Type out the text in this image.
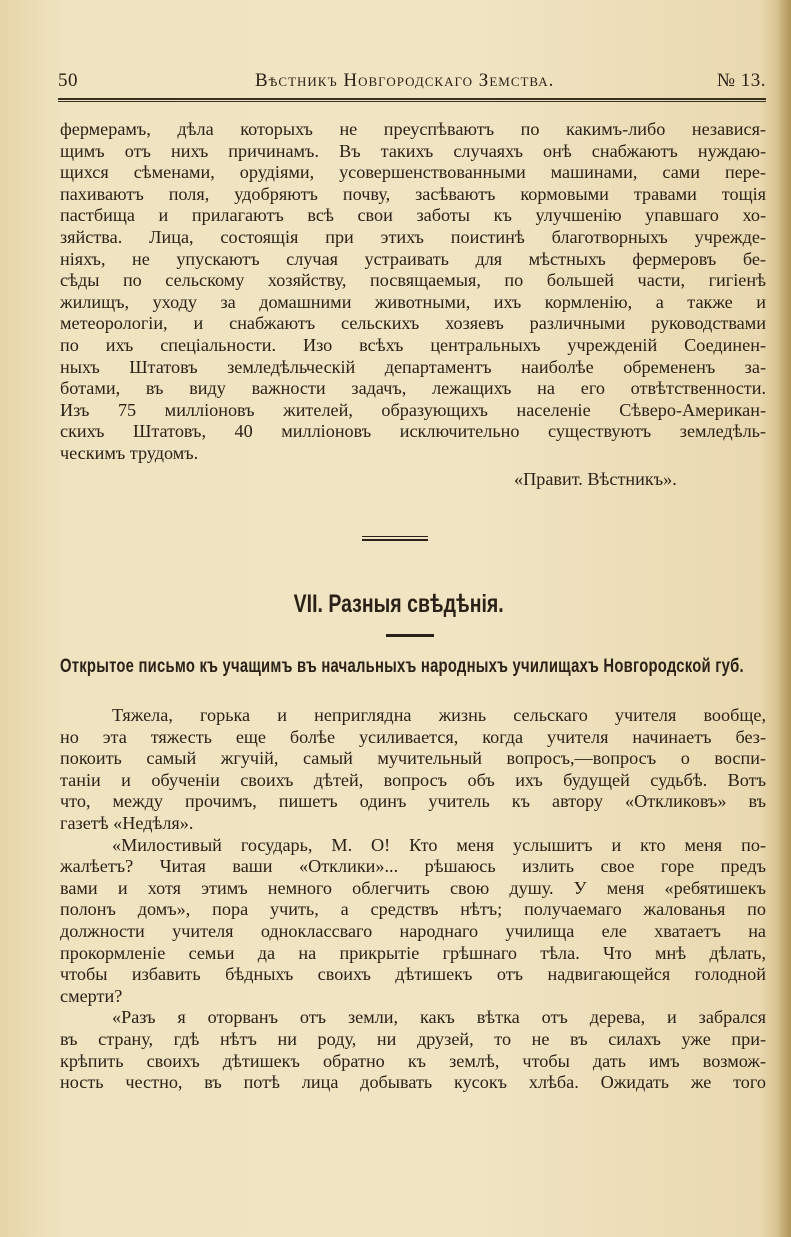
50	Вѣстникъ Новгородскаго Земства.	№ 13.

фермерамъ, дѣла которыхъ не преуспѣваютъ по какимъ-либо независя-

щимъ отъ нихъ причинамъ. Въ такихъ случаяхъ онѣ снабжаютъ нуждаю-

щихся сѣменами, орудіями, усовершенствованными машинами, сами пере-

пахиваютъ поля, удобряютъ почву, засѣваютъ кормовыми травами тощія

пастбища и прилагаютъ всѣ свои заботы къ улучшенію упавшаго хо-

зяйства. Лица, состоящія при этихъ поистинѣ благотворныхъ учрежде-

ніяхъ, не упускаютъ случая устраивать для мѣстныхъ фермеровъ бе-

сѣды по сельскому хозяйству, посвящаемыя, по большей части, гигіенѣ

жилищъ, уходу за домашними животными, ихъ кормленію, а также и

метеорологіи, и снабжаютъ сельскихъ хозяевъ различными руководствами

по ихъ спеціальности. Изо всѣхъ центральныхъ учрежденій Соединен-

ныхъ Штатовъ земледѣльческій департаментъ наиболѣе обремененъ за-

ботами, въ виду важности задачъ, лежащихъ на его отвѣтственности.

Изъ 75 милліоновъ жителей, образующихъ населеніе Сѣверо-Американ-

скихъ Штатовъ, 40 милліоновъ исключительно существуютъ земледѣль-

ческимъ трудомъ.

«Правит. Вѣстникъ».
VII. Разныя свѣдѣнія.
Открытое письмо къ учащимъ въ начальныхъ народныхъ училищахъ Новгородской губ.

Тяжела, горька и неприглядна жизнь сельскаго учителя вообще,

но эта тяжесть еще болѣе усиливается, когда учителя начинаетъ без-

покоить самый жгучій, самый мучительный вопросъ,—вопросъ о воспи-

таніи и обученіи своихъ дѣтей, вопросъ объ ихъ будущей судьбѣ. Вотъ

что, между прочимъ, пишетъ одинъ учитель къ автору «Откликовъ» въ

газетѣ «Недѣля».

«Милостивый государь, М. О! Кто меня услышитъ и кто меня по-

жалѣетъ? Читая ваши «Отклики»... рѣшаюсь излить свое горе предъ

вами и хотя этимъ немного облегчить свою душу. У меня «ребятишекъ

полонъ домъ», пора учить, а средствъ нѣтъ; получаемаго жалованья по

должности учителя одноклассваго народнаго училища еле хватаетъ на

прокормленіе семьи да на прикрытіе грѣшнаго тѣла. Что мнѣ дѣлать,

чтобы избавить бѣдныхъ своихъ дѣтишекъ отъ надвигающейся голодной

смерти?

«Разъ я оторванъ отъ земли, какъ вѣтка отъ дерева, и забрался

въ страну, гдѣ нѣтъ ни роду, ни друзей, то не въ силахъ уже при-

крѣпить своихъ дѣтишекъ обратно къ землѣ, чтобы дать имъ возмож-

ность честно, въ потѣ лица добывать кусокъ хлѣба. Ожидать же того
